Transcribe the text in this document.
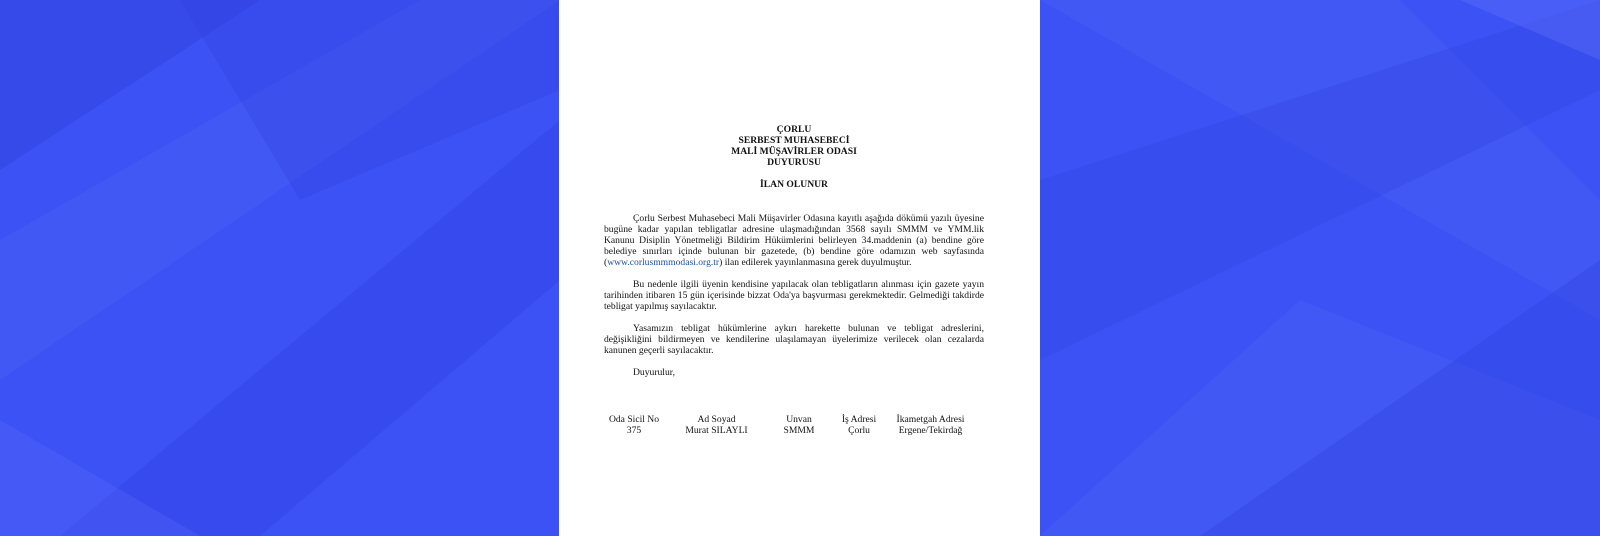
ÇORLU
SERBEST MUHASEBECİ
MALİ MÜŞAVİRLER ODASI
DUYURUSU
İLAN OLUNUR

Çorlu Serbest Muhasebeci Mali Müşavirler Odasına kayıtlı aşağıda dökümü yazılı üyesine bugüne kadar yapılan tebligatlar adresine ulaşmadığından 3568 sayılı SMMM ve YMM.lik Kanunu Disiplin Yönetmeliği Bildirim Hükümlerini belirleyen 34.maddenin (a) bendine göre belediye sınırları içinde bulunan bir gazetede, (b) bendine göre odamızın web sayfasında (www.corlusmmmodasi.org.tr) ilan edilerek yayınlanmasına gerek duyulmuştur.

Bu nedenle ilgili üyenin kendisine yapılacak olan tebligatların alınması için gazete yayın tarihinden itibaren 15 gün içerisinde bizzat Oda'ya başvurması gerekmektedir. Gelmediği takdirde tebligat yapılmış sayılacaktır.

Yasamızın tebligat hükümlerine aykırı harekette bulunan ve tebligat adreslerini, değişikliğini bildirmeyen ve kendilerine ulaşılamayan üyelerimize verilecek olan cezalarda kanunen geçerli sayılacaktır.

Duyurulur,
Oda Sicil No	Ad Soyad	Unvan	İş Adresi	İkametgah Adresi
375	Murat SILAYLI	SMMM	Çorlu	Ergene/Tekirdağ
